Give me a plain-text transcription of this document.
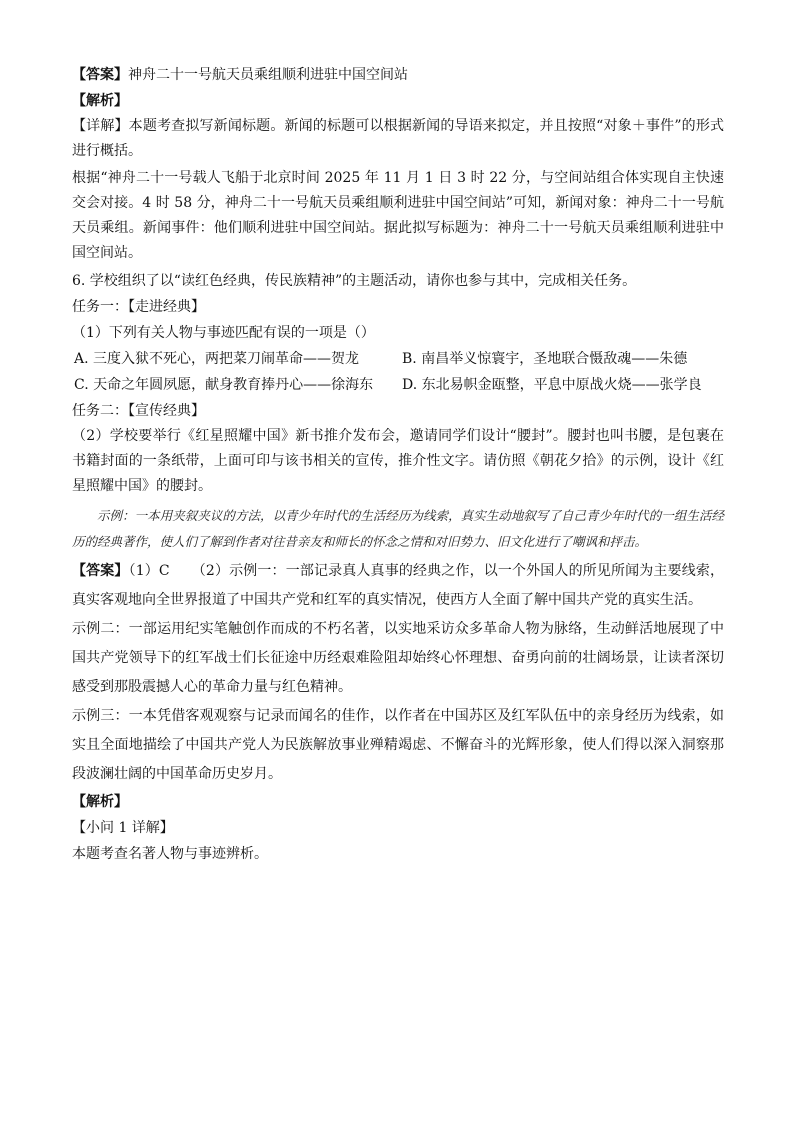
【答案】神舟二十一号航天员乘组顺利进驻中国空间站
【解析】
【详解】本题考查拟写新闻标题。新闻的标题可以根据新闻的导语来拟定，并且按照“对象＋事件”的形式进行概括。
根据“神舟二十一号载人飞船于北京时间 2025 年 11 月 1 日 3 时 22 分，与空间站组合体实现自主快速交会对接。4 时 58 分，神舟二十一号航天员乘组顺利进驻中国空间站”可知，新闻对象：神舟二十一号航天员乘组。新闻事件：他们顺利进驻中国空间站。据此拟写标题为：神舟二十一号航天员乘组顺利进驻中国空间站。
6. 学校组织了以“读红色经典，传民族精神”的主题活动，请你也参与其中，完成相关任务。
任务一：【走进经典】
（1）下列有关人物与事迹匹配有误的一项是（）
A. 三度入狱不死心，两把菜刀闹革命——贺龙	B. 南昌举义惊寰宇，圣地联合慑敌魂——朱德
C. 天命之年圆夙愿，献身教育捧丹心——徐海东	D. 东北易帜金瓯整，平息中原战火烧——张学良
任务二：【宣传经典】
（2）学校要举行《红星照耀中国》新书推介发布会，邀请同学们设计“腰封”。腰封也叫书腰，是包裹在书籍封面的一条纸带，上面可印与该书相关的宣传，推介性文字。请仿照《朝花夕拾》的示例，设计《红星照耀中国》的腰封。
示例：一本用夹叙夹议的方法，以青少年时代的生活经历为线索，真实生动地叙写了自己青少年时代的一组生活经历的经典著作，使人们了解到作者对往昔亲友和师长的怀念之情和对旧势力、旧文化进行了嘲讽和抨击。
【答案】（1）C （2）示例一：一部记录真人真事的经典之作，以一个外国人的所见所闻为主要线索，真实客观地向全世界报道了中国共产党和红军的真实情况，使西方人全面了解中国共产党的真实生活。
示例二：一部运用纪实笔触创作而成的不朽名著，以实地采访众多革命人物为脉络，生动鲜活地展现了中国共产党领导下的红军战士们长征途中历经艰难险阻却始终心怀理想、奋勇向前的壮阔场景，让读者深切感受到那股震撼人心的革命力量与红色精神。
示例三：一本凭借客观观察与记录而闻名的佳作，以作者在中国苏区及红军队伍中的亲身经历为线索，如实且全面地描绘了中国共产党人为民族解放事业殚精竭虑、不懈奋斗的光辉形象，使人们得以深入洞察那段波澜壮阔的中国革命历史岁月。
【解析】
【小问 1 详解】
本题考查名著人物与事迹辨析。
